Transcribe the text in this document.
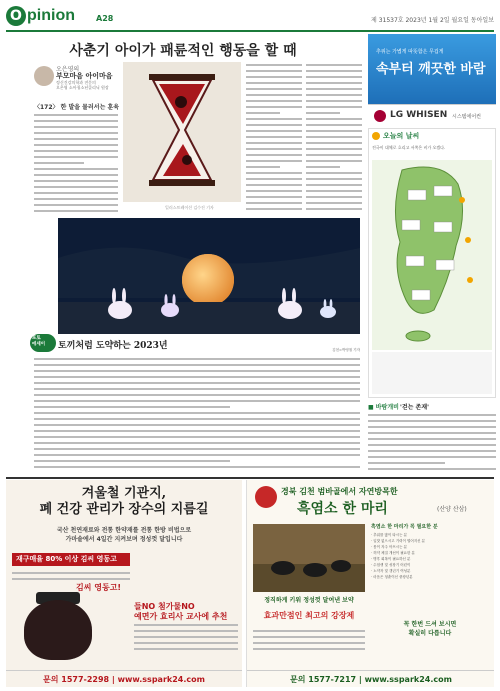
O pinion	A28	제 31537호 2023년 1월 2일 월요일 동아일보
사춘기 아이가 패륜적인 행동을 할 때
오은영의
부모마음 아이마음
정신건강의학과 전문의
오은영 소아청소년클리닉 원장
〈172〉 한 발을 물러서는 훈육
일러스트레이션 김수진 기자
포토
에세이 토끼처럼 도약하는 2023년	김천=박영철 기자
추위는 가볍게 따뜻함은 무겁게
속부터 깨끗한 바람
LG WHISEN 시스템에어컨
오늘의 날씨
전국이 대체로 흐리고 서쪽은 비가 오겠다.
■ 바람개비 '걷는 존재'
겨울철 기관지,
폐 건강 관리가 장수의 지름길
국산 천연재료와 전통 한약재를 전통 한방 비법으로
가마솥에서 4일간 지켜보며 정성껏 달입니다
재구매율 80% 이상 김씨 영동고
김씨 영동고!
들NO 첨가물NO
예면가 효리사 교사에 추천
문의 1577-2298 | www.sspark24.com
경북 김천 범바골에서 자연방목한
흑염소 한 마리	(산양 산삼)
흑염소 한 마리가 꼭 필요한 분
· 추위를 많이 타시는 분
· 입맛 없으시고 기력이 떨어지신 분
· 몸이 자주 아프시는 분
· 허약 체질 개선이 필요한 분
· 병후 회복이 필요하신 분
· 수험생 및 성장기 어린이
· 노약자 및 갱년기 여성분
· 마음은 청춘이신 중장년분
정직하게 키워 정성껏 달여낸 보약
효과만점인 최고의 강장제
꼭 한번 드셔 보시면
확실히 다릅니다
문의 1577-7217 | www.sspark24.com
